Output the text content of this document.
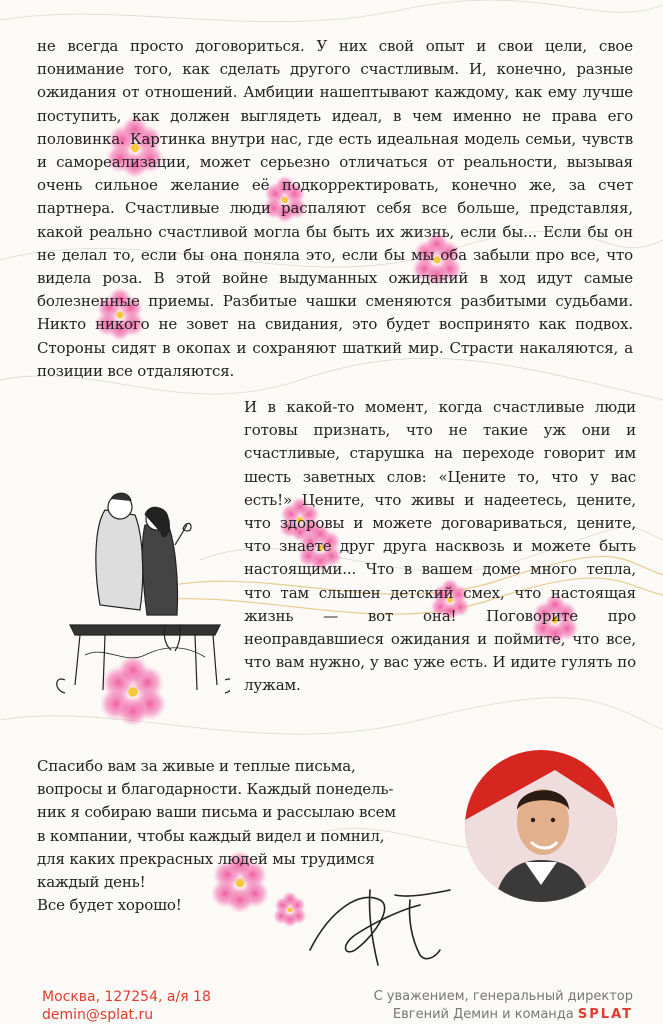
не всегда просто договориться. У них свой опыт и свои цели, свое понимание того, как сделать другого счастливым. И, конечно, разные ожидания от отношений. Амбиции нашептывают каждому, как ему лучше поступить, как должен выглядеть идеал, в чем именно не права его половинка. Картинка внутри нас, где есть идеальная модель семьи, чувств и самореализации, может серьезно отличаться от реальности, вызывая очень сильное желание её подкорректировать, конечно же, за счет партнера. Счастливые люди распаляют себя все больше, представляя, какой реально счастливой могла бы быть их жизнь, если бы... Если бы он не делал то, если бы она поняла это, если бы мы оба забыли про все, что видела роза. В этой войне выдуманных ожиданий в ход идут самые болезненные приемы. Разбитые чашки сменяются разбитыми судьбами. Никто никого не зовет на свидания, это будет воспринято как подвох. Стороны сидят в окопах и сохраняют шаткий мир. Страсти накаляются, а позиции все отдаляются.

И в какой-то момент, когда счастливые люди готовы признать, что не такие уж они и счастливые, старушка на переходе говорит им шесть заветных слов: «Цените то, что у вас есть!» Цените, что живы и надеетесь, цените, что здоровы и можете договариваться, цените, что знаете друг друга насквозь и можете быть настоящими... Что в вашем доме много тепла, что там слышен детский смех, что настоящая жизнь — вот она! Поговорите про неоправдавшиеся ожидания и поймите, что все, что вам нужно, у вас уже есть. И идите гулять по лужам.

Спасибо вам за живые и теплые письма,
вопросы и благодарности. Каждый понедель-
ник я собираю ваши письма и рассылаю всем
в компании, чтобы каждый видел и помнил,
для каких прекрасных людей мы трудимся
каждый день!
Все будет хорошо!

Москва, 127254, а/я 18
demin@splat.ru
С уважением, генеральный директор
Евгений Демин и команда SPLAT
